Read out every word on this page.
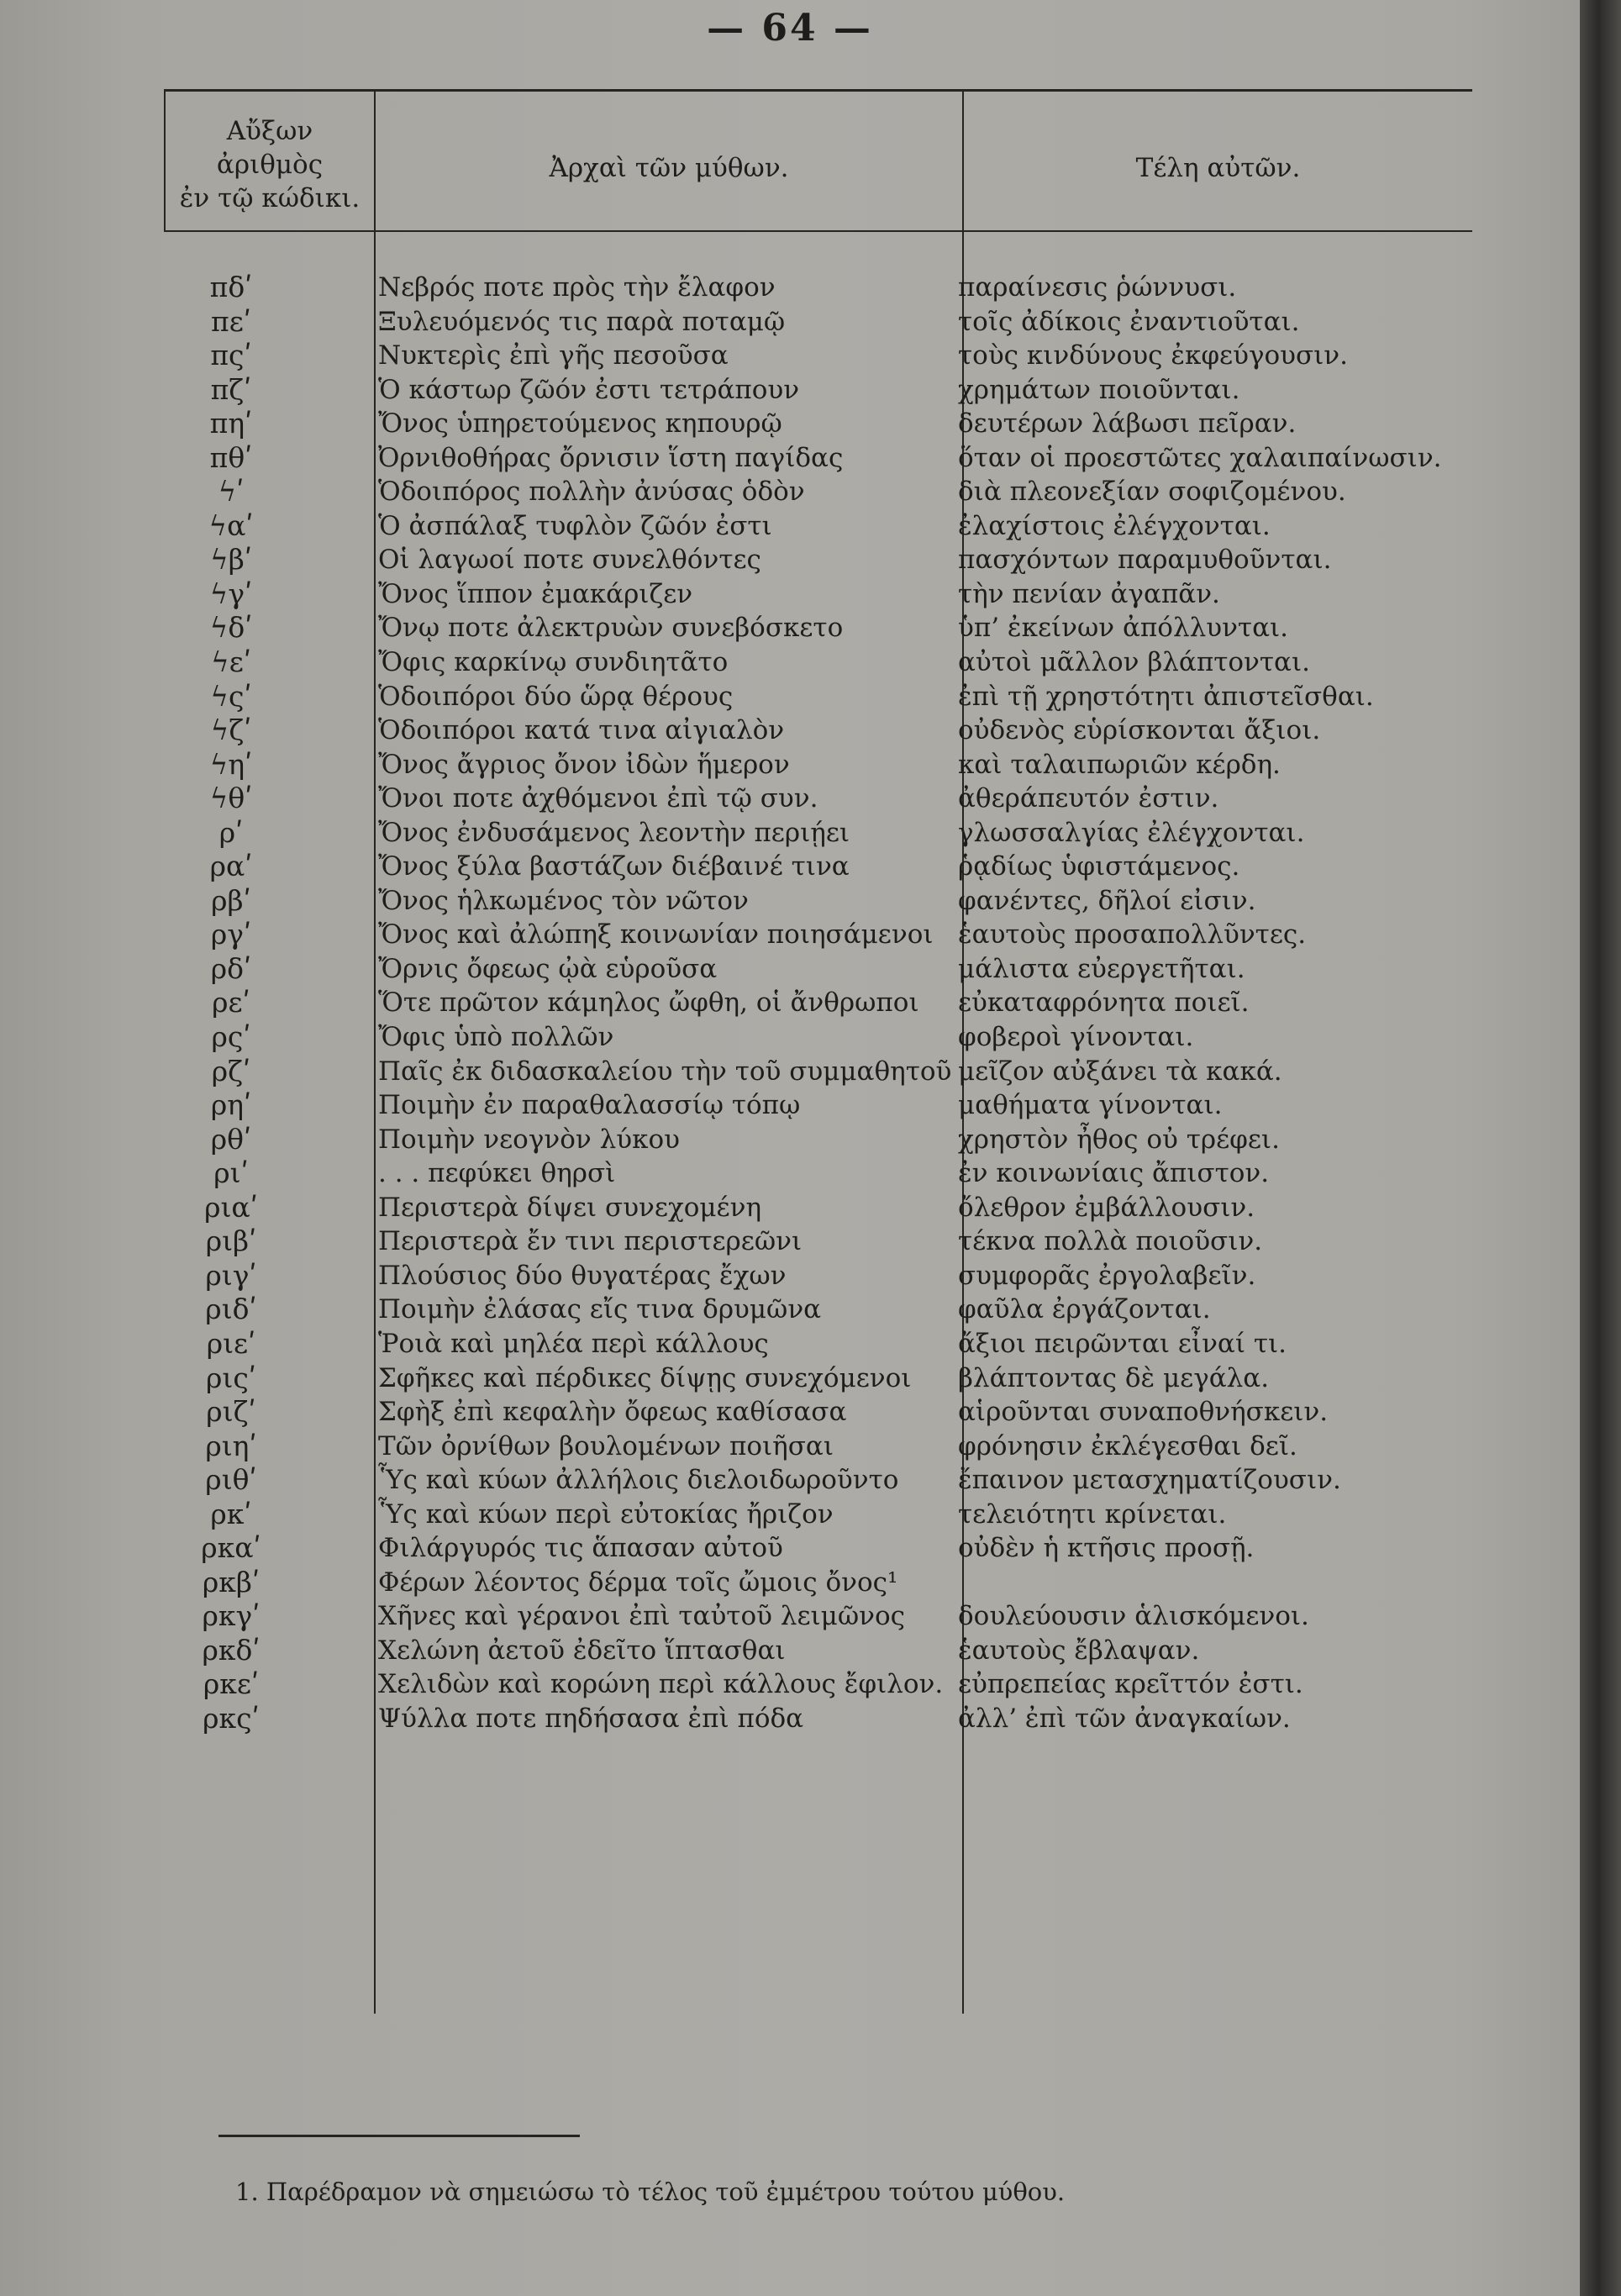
— 64 —
Αὔξων
ἀριθμὸς
ἐν τῷ κώδικι.
Ἀρχαὶ τῶν μύθων.	Τέλη αὐτῶν.
πδʹ
πεʹ
πςʹ
πζʹ
πηʹ
πθʹ
ϟʹ
ϟαʹ
ϟβʹ
ϟγʹ
ϟδʹ
ϟεʹ
ϟςʹ
ϟζʹ
ϟηʹ
ϟθʹ
ρʹ
ραʹ
ρβʹ
ργʹ
ρδʹ
ρεʹ
ρςʹ
ρζʹ
ρηʹ
ρθʹ
ριʹ
ριαʹ
ριβʹ
ριγʹ
ριδʹ
ριεʹ
ριςʹ
ριζʹ
ριηʹ
ριθʹ
ρκʹ
ρκαʹ
ρκβʹ
ρκγʹ
ρκδʹ
ρκεʹ
ρκςʹ
Νεβρός ποτε πρὸς τὴν ἔλαφον
Ξυλευόμενός τις παρὰ ποταμῷ
Νυκτερὶς ἐπὶ γῆς πεσοῦσα
Ὁ κάστωρ ζῶόν ἐστι τετράπουν
Ὄνος ὑπηρετούμενος κηπουρῷ
Ὀρνιθοθήρας ὄρνισιν ἵστη παγίδας
Ὁδοιπόρος πολλὴν ἀνύσας ὁδὸν
Ὁ ἀσπάλαξ τυφλὸν ζῶόν ἐστι
Οἱ λαγωοί ποτε συνελθόντες
Ὄνος ἵππον ἐμακάριζεν
Ὄνῳ ποτε ἀλεκτρυὼν συνεβόσκετο
Ὄφις καρκίνῳ συνδιητᾶτο
Ὁδοιπόροι δύο ὥρᾳ θέρους
Ὁδοιπόροι κατά τινα αἰγιαλὸν
Ὄνος ἄγριος ὄνον ἰδὼν ἥμερον
Ὄνοι ποτε ἀχθόμενοι ἐπὶ τῷ συν.
Ὄνος ἐνδυσάμενος λεοντὴν περιῄει
Ὄνος ξύλα βαστάζων διέβαινέ τινα
Ὄνος ἡλκωμένος τὸν νῶτον
Ὄνος καὶ ἀλώπηξ κοινωνίαν ποιησάμενοι
Ὄρνις ὄφεως ᾠὰ εὑροῦσα
Ὅτε πρῶτον κάμηλος ὤφθη, οἱ ἄνθρωποι
Ὄφις ὑπὸ πολλῶν
Παῖς ἐκ διδασκαλείου τὴν τοῦ συμμαθητοῦ
Ποιμὴν ἐν παραθαλασσίῳ τόπῳ
Ποιμὴν νεογνὸν λύκου
. . . πεφύκει θηρσὶ
Περιστερὰ δίψει συνεχομένη
Περιστερὰ ἔν τινι περιστερεῶνι
Πλούσιος δύο θυγατέρας ἔχων
Ποιμὴν ἐλάσας εἴς τινα δρυμῶνα
Ῥοιὰ καὶ μηλέα περὶ κάλλους
Σφῆκες καὶ πέρδικες δίψῃς συνεχόμενοι
Σφὴξ ἐπὶ κεφαλὴν ὄφεως καθίσασα
Τῶν ὀρνίθων βουλομένων ποιῆσαι
Ὗς καὶ κύων ἀλλήλοις διελοιδωροῦντο
Ὗς καὶ κύων περὶ εὐτοκίας ἤριζον
Φιλάργυρός τις ἅπασαν αὐτοῦ
Φέρων λέοντος δέρμα τοῖς ὤμοις ὄνος¹
Χῆνες καὶ γέρανοι ἐπὶ ταὐτοῦ λειμῶνος
Χελώνη ἀετοῦ ἐδεῖτο ἵπτασθαι
Χελιδὼν καὶ κορώνη περὶ κάλλους ἔφιλον.
Ψύλλα ποτε πηδήσασα ἐπὶ πόδα
παραίνεσις ῥώννυσι.
τοῖς ἀδίκοις ἐναντιοῦται.
τοὺς κινδύνους ἐκφεύγουσιν.
χρημάτων ποιοῦνται.
δευτέρων λάβωσι πεῖραν.
ὅταν οἱ προεστῶτες χαλαιπαίνωσιν.
διὰ πλεονεξίαν σοφιζομένου.
ἐλαχίστοις ἐλέγχονται.
πασχόντων παραμυθοῦνται.
τὴν πενίαν ἀγαπᾶν.
ὑπ’ ἐκείνων ἀπόλλυνται.
αὐτοὶ μᾶλλον βλάπτονται.
ἐπὶ τῇ χρηστότητι ἀπιστεῖσθαι.
οὐδενὸς εὑρίσκονται ἄξιοι.
καὶ ταλαιπωριῶν κέρδη.
ἀθεράπευτόν ἐστιν.
γλωσσαλγίας ἐλέγχονται.
ῥᾳδίως ὑφιστάμενος.
φανέντες, δῆλοί εἰσιν.
ἑαυτοὺς προσαπολλῦντες.
μάλιστα εὐεργετῆται.
εὐκαταφρόνητα ποιεῖ.
φοβεροὶ γίνονται.
μεῖζον αὐξάνει τὰ κακά.
μαθήματα γίνονται.
χρηστὸν ἦθος οὐ τρέφει.
ἐν κοινωνίαις ἄπιστον.
ὄλεθρον ἐμβάλλουσιν.
τέκνα πολλὰ ποιοῦσιν.
συμφορᾶς ἐργολαβεῖν.
φαῦλα ἐργάζονται.
ἄξιοι πειρῶνται εἶναί τι.
βλάπτοντας δὲ μεγάλα.
αἱροῦνται συναποθνήσκειν.
φρόνησιν ἐκλέγεσθαι δεῖ.
ἔπαινον μετασχηματίζουσιν.
τελειότητι κρίνεται.
οὐδὲν ἡ κτῆσις προσῇ.
δουλεύουσιν ἁλισκόμενοι.
ἑαυτοὺς ἔβλαψαν.
εὐπρεπείας κρεῖττόν ἐστι.
ἀλλ’ ἐπὶ τῶν ἀναγκαίων.
1. Παρέδραμον νὰ σημειώσω τὸ τέλος τοῦ ἐμμέτρου τούτου μύθου.
